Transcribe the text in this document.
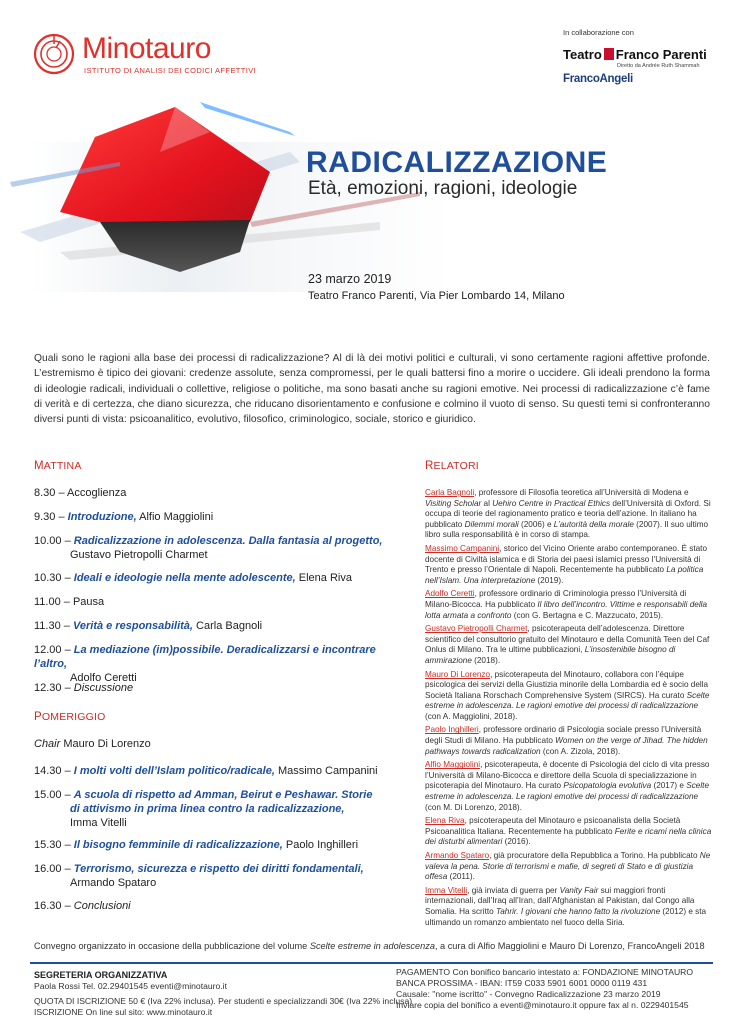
Minotauro
ISTITUTO DI ANALISI DEI CODICI AFFETTIVI
In collaborazione con
Teatro Franco Parenti
Diretto da Andrée Ruth Shammah
FrancoAngeli
RADICALIZZAZIONE
Età, emozioni, ragioni, ideologie
23 marzo 2019
Teatro Franco Parenti, Via Pier Lombardo 14, Milano
Quali sono le ragioni alla base dei processi di radicalizzazione? Al di là dei motivi politici e culturali, vi sono certamente ragioni affettive profonde. L’estremismo è tipico dei giovani: credenze assolute, senza compromessi, per le quali battersi fino a morire o uccidere. Gli ideali prendono la forma di ideologie radicali, individuali o collettive, religiose o politiche, ma sono basati anche su ragioni emotive. Nei processi di radicalizzazione c’è fame di verità e di certezza, che diano sicurezza, che riducano disorientamento e confusione e colmino il vuoto di senso. Su questi temi si confronteranno diversi punti di vista: psicoanalitico, evolutivo, filosofico, criminologico, sociale, storico e giuridico.
MATTINA
8.30 – Accoglienza
9.30 – Introduzione, Alfio Maggiolini
10.00 – Radicalizzazione in adolescenza. Dalla fantasia al progetto,
Gustavo Pietropolli Charmet
10.30 – Ideali e ideologie nella mente adolescente, Elena Riva
11.00 – Pausa
11.30 – Verità e responsabilità, Carla Bagnoli
12.00 – La mediazione (im)possibile. Deradicalizzarsi e incontrare l’altro,
Adolfo Ceretti
12.30 – Discussione
POMERIGGIO
Chair Mauro Di Lorenzo
14.30 – I molti volti dell’Islam politico/radicale, Massimo Campanini
15.00 – A scuola di rispetto ad Amman, Beirut e Peshawar. Storie
di attivismo in prima linea contro la radicalizzazione,
Imma Vitelli
15.30 – Il bisogno femminile di radicalizzazione, Paolo Inghilleri
16.00 – Terrorismo, sicurezza e rispetto dei diritti fondamentali,
Armando Spataro
16.30 – Conclusioni
RELATORI
Carla Bagnoli, professore di Filosofia teoretica all’Università di Modena e Visiting Scholar al Uehiro Centre in Practical Ethics dell’Università di Oxford. Si occupa di teorie del ragionamento pratico e teoria dell’azione. In italiano ha pubblicato Dilemmi morali (2006) e L’autorità della morale (2007). Il suo ultimo libro sulla responsabilità è in corso di stampa.
Massimo Campanini, storico del Vicino Oriente arabo contemporaneo. È stato docente di Civiltà islamica e di Storia dei paesi islamici presso l’Università di Trento e presso l’Orientale di Napoli. Recentemente ha pubblicato La politica nell’Islam. Una interpretazione (2019).
Adolfo Ceretti, professore ordinario di Criminologia presso l’Università di Milano-Bicocca. Ha pubblicato Il libro dell’incontro. Vittime e responsabili della lotta armata a confronto (con G. Bertagna e C. Mazzucato, 2015).
Gustavo Pietropolli Charmet, psicoterapeuta dell’adolescenza. Direttore scientifico del consultorio gratuito del Minotauro e della Comunità Teen del Caf Onlus di Milano. Tra le ultime pubblicazioni, L’insostenibile bisogno di ammirazione (2018).
Mauro Di Lorenzo, psicoterapeuta del Minotauro, collabora con l’équipe psicologica dei servizi della Giustizia minorile della Lombardia ed è socio della Società Italiana Rorschach Comprehensive System (SIRCS). Ha curato Scelte estreme in adolescenza. Le ragioni emotive dei processi di radicalizzazione (con A. Maggiolini, 2018).
Paolo Inghilleri, professore ordinario di Psicologia sociale presso l’Università degli Studi di Milano. Ha pubblicato Women on the verge of Jihad. The hidden pathways towards radicalization (con A. Zizola, 2018).
Alfio Maggiolini, psicoterapeuta, è docente di Psicologia del ciclo di vita presso l’Università di Milano-Bicocca e direttore della Scuola di specializzazione in psicoterapia del Minotauro. Ha curato Psicopatologia evolutiva (2017) e Scelte estreme in adolescenza. Le ragioni emotive dei processi di radicalizzazione (con M. Di Lorenzo, 2018).
Elena Riva, psicoterapeuta del Minotauro e psicoanalista della Società Psicoanalitica Italiana. Recentemente ha pubblicato Ferite e ricami nella clinica dei disturbi alimentari (2016).
Armando Spataro, già procuratore della Repubblica a Torino. Ha pubblicato Ne valeva la pena. Storie di terrorismi e mafie, di segreti di Stato e di giustizia offesa (2011).
Imma Vitelli, già inviata di guerra per Vanity Fair sui maggiori fronti internazionali, dall’Iraq all’Iran, dall’Afghanistan al Pakistan, dal Congo alla Somalia. Ha scritto Tahrir. I giovani che hanno fatto la rivoluzione (2012) e sta ultimando un romanzo ambientato nel fuoco della Siria.
Convegno organizzato in occasione della pubblicazione del volume Scelte estreme in adolescenza, a cura di Alfio Maggiolini e Mauro Di Lorenzo, FrancoAngeli 2018
SEGRETERIA ORGANIZZATIVA
Paola Rossi Tel. 02.29401545 eventi@minotauro.it
QUOTA DI ISCRIZIONE 50 € (Iva 22% inclusa). Per studenti e specializzandi 30€ (Iva 22% inclusa)
ISCRIZIONE On line sul sito: www.minotauro.it
PAGAMENTO Con bonifico bancario intestato a: FONDAZIONE MINOTAURO
BANCA PROSSIMA - IBAN: IT59 C033 5901 6001 0000 0119 431
Causale: "nome iscritto" - Convegno Radicalizzazione 23 marzo 2019
Inviare copia del bonifico a eventi@minotauro.it oppure fax al n. 0229401545
